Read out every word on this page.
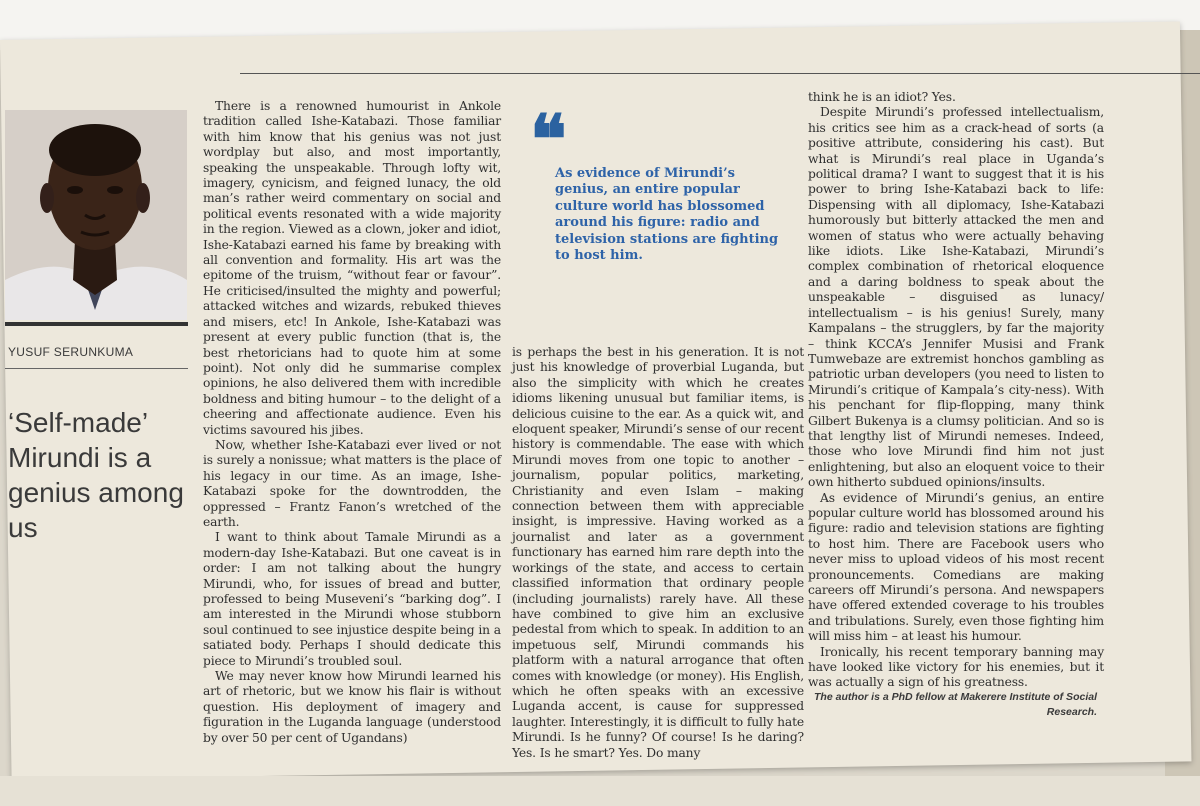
YUSUF SERUNKUMA
‘Self-made’ Mirundi is a genius among us

There is a renowned humourist in Ankole tradition called Ishe-Katabazi. Those familiar with him know that his genius was not just wordplay but also, and most importantly, speaking the unspeakable. Through lofty wit, imagery, cynicism, and feigned lunacy, the old man’s rather weird commentary on social and political events resonated with a wide majority in the region. Viewed as a clown, joker and idiot, Ishe-Katabazi earned his fame by breaking with all convention and formality. His art was the epitome of the truism, “without fear or favour”. He criticised/insulted the mighty and powerful; attacked witches and wizards, rebuked thieves and misers, etc! In Ankole, Ishe-Katabazi was present at every public function (that is, the best rhetoricians had to quote him at some point). Not only did he summarise complex opinions, he also delivered them with incredible boldness and biting humour – to the delight of a cheering and affectionate audience. Even his victims savoured his jibes.

Now, whether Ishe-Katabazi ever lived or not is surely a nonissue; what matters is the place of his legacy in our time. As an image, Ishe-Katabazi spoke for the downtrodden, the oppressed – Frantz Fanon’s wretched of the earth.

I want to think about Tamale Mirundi as a modern-day Ishe-Katabazi. But one caveat is in order: I am not talking about the hungry Mirundi, who, for issues of bread and butter, professed to being Museveni’s “barking dog”. I am interested in the Mirundi whose stubborn soul continued to see injustice despite being in a satiated body. Perhaps I should dedicate this piece to Mirundi’s troubled soul.

We may never know how Mirundi learned his art of rhetoric, but we know his flair is without question. His deployment of imagery and figuration in the Luganda language (understood by over 50 per cent of Ugandans)

❝
As evidence of Mirundi’s genius, an entire popular culture world has blossomed around his figure: radio and television stations are fighting to host him.

is perhaps the best in his generation. It is not just his knowledge of proverbial Luganda, but also the simplicity with which he creates idioms likening unusual but familiar items, is delicious cuisine to the ear. As a quick wit, and eloquent speaker, Mirundi’s sense of our recent history is commendable. The ease with which Mirundi moves from one topic to another – journalism, popular politics, marketing, Christianity and even Islam – making connection between them with appreciable insight, is impressive. Having worked as a journalist and later as a government functionary has earned him rare depth into the workings of the state, and access to certain classified information that ordinary people (including journalists) rarely have. All these have combined to give him an exclusive pedestal from which to speak. In addition to an impetuous self, Mirundi commands his platform with a natural arrogance that often comes with knowledge (or money). His English, which he often speaks with an excessive Luganda accent, is cause for suppressed laughter. Interestingly, it is difficult to fully hate Mirundi. Is he funny? Of course! Is he daring? Yes. Is he smart? Yes. Do many

think he is an idiot? Yes.

Despite Mirundi’s professed intellectualism, his critics see him as a crack-head of sorts (a positive attribute, considering his cast). But what is Mirundi’s real place in Uganda’s political drama? I want to suggest that it is his power to bring Ishe-Katabazi back to life: Dispensing with all diplomacy, Ishe-Katabazi humorously but bitterly attacked the men and women of status who were actually behaving like idiots. Like Ishe-Katabazi, Mirundi’s complex combination of rhetorical eloquence and a daring boldness to speak about the unspeakable – disguised as lunacy/ intellectualism – is his genius! Surely, many Kampalans – the strugglers, by far the majority – think KCCA’s Jennifer Musisi and Frank Tumwebaze are extremist honchos gambling as patriotic urban developers (you need to listen to Mirundi’s critique of Kampala’s city-ness). With his penchant for flip-flopping, many think Gilbert Bukenya is a clumsy politician. And so is that lengthy list of Mirundi nemeses. Indeed, those who love Mirundi find him not just enlightening, but also an eloquent voice to their own hitherto subdued opinions/insults.

As evidence of Mirundi’s genius, an entire popular culture world has blossomed around his figure: radio and television stations are fighting to host him. There are Facebook users who never miss to upload videos of his most recent pronouncements. Comedians are making careers off Mirundi’s persona. And newspapers have offered extended coverage to his troubles and tribulations. Surely, even those fighting him will miss him – at least his humour.

Ironically, his recent temporary banning may have looked like victory for his enemies, but it was actually a sign of his greatness.

The author is a PhD fellow at Makerere Institute of Social Research.
